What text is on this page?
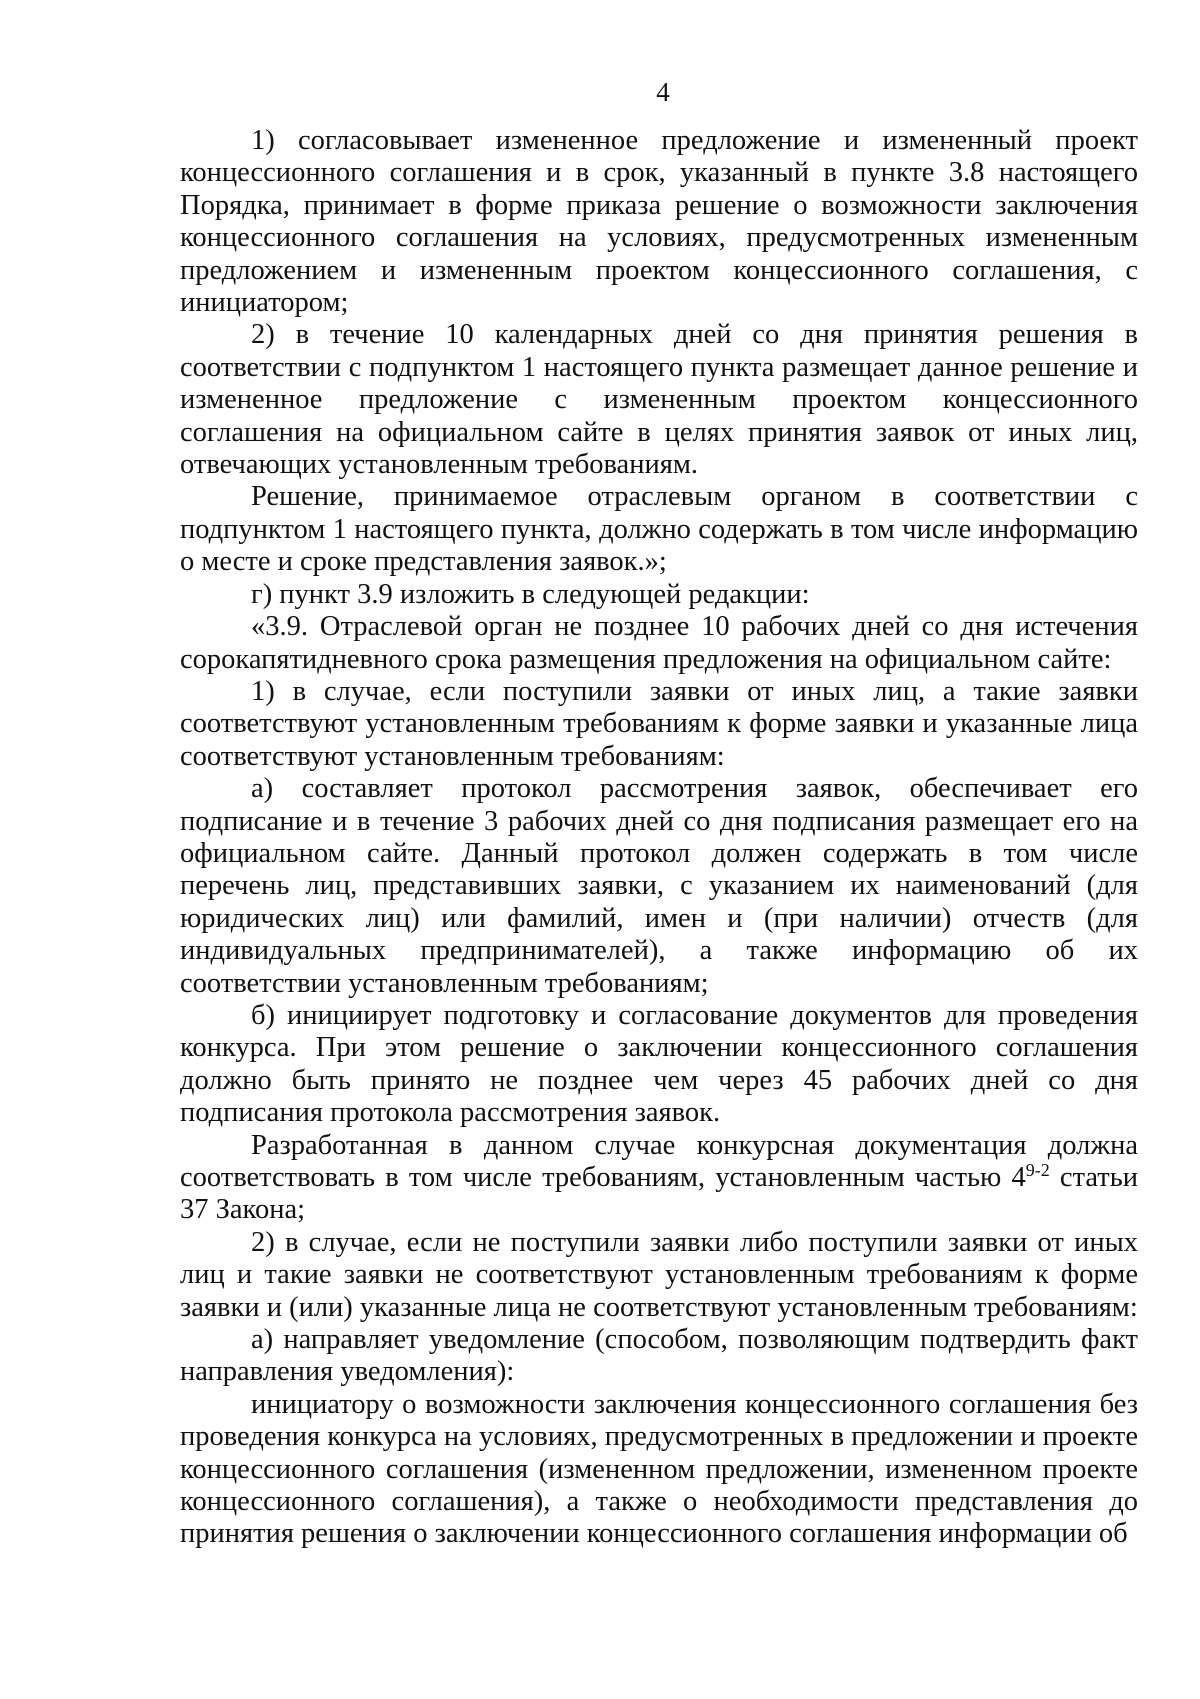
4

1) согласовывает измененное предложение и измененный проект концессионного соглашения и в срок, указанный в пункте 3.8 настоящего Порядка, принимает в форме приказа решение о возможности заключения концессионного соглашения на условиях, предусмотренных измененным предложением и измененным проектом концессионного соглашения, с инициатором;

2) в течение 10 календарных дней со дня принятия решения в соответствии с подпунктом 1 настоящего пункта размещает данное решение и измененное предложение с измененным проектом концессионного соглашения на официальном сайте в целях принятия заявок от иных лиц, отвечающих установленным требованиям.

Решение, принимаемое отраслевым органом в соответствии с подпунктом 1 настоящего пункта, должно содержать в том числе информацию о месте и сроке представления заявок.»;

г) пункт 3.9 изложить в следующей редакции:

«3.9. Отраслевой орган не позднее 10 рабочих дней со дня истечения сорокапятидневного срока размещения предложения на официальном сайте:

1) в случае, если поступили заявки от иных лиц, а такие заявки соответствуют установленным требованиям к форме заявки и указанные лица соответствуют установленным требованиям:

а) составляет протокол рассмотрения заявок, обеспечивает его подписание и в течение 3 рабочих дней со дня подписания размещает его на официальном сайте. Данный протокол должен содержать в том числе перечень лиц, представивших заявки, с указанием их наименований (для юридических лиц) или фамилий, имен и (при наличии) отчеств (для индивидуальных предпринимателей), а также информацию об их соответствии установленным требованиям;

б) инициирует подготовку и согласование документов для проведения конкурса. При этом решение о заключении концессионного соглашения должно быть принято не позднее чем через 45 рабочих дней со дня подписания протокола рассмотрения заявок.

Разработанная в данном случае конкурсная документация должна соответствовать в том числе требованиям, установленным частью 4$^{9-2}$ статьи 37 Закона;

2) в случае, если не поступили заявки либо поступили заявки от иных лиц и такие заявки не соответствуют установленным требованиям к форме заявки и (или) указанные лица не соответствуют установленным требованиям:

а) направляет уведомление (способом, позволяющим подтвердить факт направления уведомления):

инициатору о возможности заключения концессионного соглашения без проведения конкурса на условиях, предусмотренных в предложении и проекте концессионного соглашения (измененном предложении, измененном проекте концессионного соглашения), а также о необходимости представления до принятия решения о заключении концессионного соглашения информации об
